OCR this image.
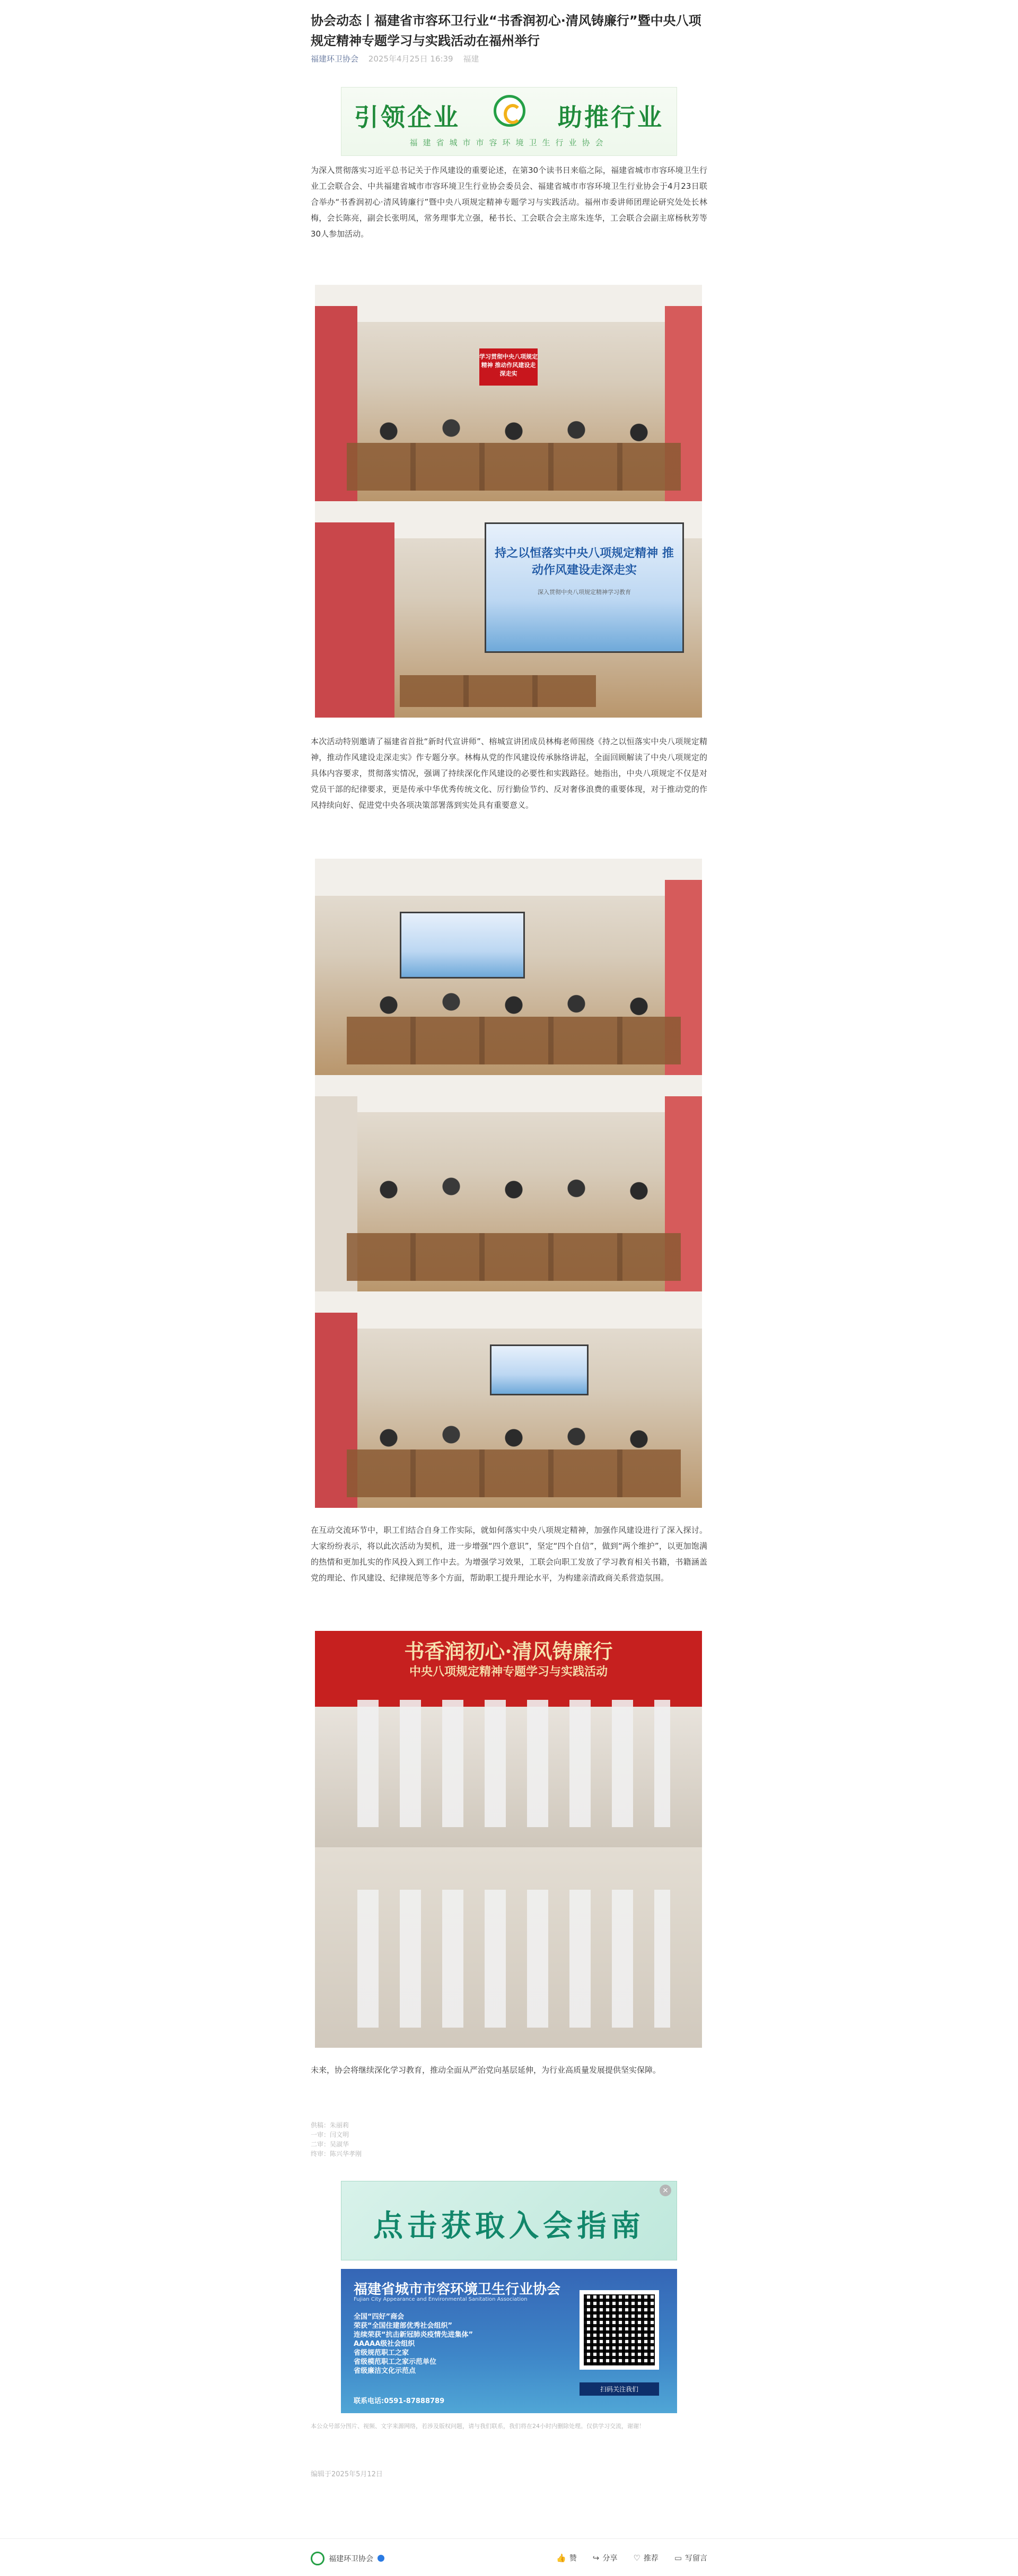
协会动态丨福建省市容环卫行业“书香润初心·清风铸廉行”暨中央八项规定精神专题学习与实践活动在福州举行
福建环卫协会 2025年4月25日 16:39 福建
引领企业	助推行业
福建省城市市容环境卫生行业协会

为深入贯彻落实习近平总书记关于作风建设的重要论述，在第30个读书日来临之际，福建省城市市容环境卫生行业工会联合会、中共福建省城市市容环境卫生行业协会委员会、福建省城市市容环境卫生行业协会于4月23日联合举办“书香润初心·清风铸廉行”暨中央八项规定精神专题学习与实践活动。福州市委讲师团理论研究处处长林梅，会长陈亮，副会长张明凤，常务理事尤立强，秘书长、工会联合会主席朱连华，工会联合会副主席杨秋芳等30人参加活动。

学习贯彻中央八项规定精神 推动作风建设走深走实
持之以恒落实中央八项规定精神 推动作风建设走深走实
深入贯彻中央八项规定精神学习教育

本次活动特别邀请了福建省首批“新时代宣讲师”、榕城宣讲团成员林梅老师围绕《持之以恒落实中央八项规定精神，推动作风建设走深走实》作专题分享。林梅从党的作风建设传承脉络讲起，全面回顾解读了中央八项规定的具体内容要求，贯彻落实情况，强调了持续深化作风建设的必要性和实践路径。她指出，中央八项规定不仅是对党员干部的纪律要求，更是传承中华优秀传统文化、厉行勤俭节约、反对奢侈浪费的重要体现，对于推动党的作风持续向好、促进党中央各项决策部署落到实处具有重要意义。

在互动交流环节中，职工们结合自身工作实际，就如何落实中央八项规定精神，加强作风建设进行了深入探讨。大家纷纷表示，将以此次活动为契机，进一步增强“四个意识”，坚定“四个自信”，做到“两个维护”，以更加饱满的热情和更加扎实的作风投入到工作中去。为增强学习效果，工联会向职工发放了学习教育相关书籍，书籍涵盖党的理论、作风建设、纪律规范等多个方面，帮助职工提升理论水平，为构建亲清政商关系营造氛围。

书香润初心·清风铸廉行
中央八项规定精神专题学习与实践活动

未来，协会将继续深化学习教育，推动全面从严治党向基层延伸，为行业高质量发展提供坚实保障。

供稿：朱丽莉
一审：闫文明
二审：吴淑华
终审：陈兴华孝刚
点击获取入会指南
×
福建省城市市容环境卫生行业协会
Fujian City Appearance and Environmental Sanitation Association
全国“四好”商会
荣获“全国住建部优秀社会组织”
连续荣获“抗击新冠肺炎疫情先进集体”
AAAAA级社会组织
省级规范职工之家
省级模范职工之家示范单位
省级廉洁文化示范点
联系电话:0591-87888789
扫码关注我们
本公众号部分图片、视频、文字来源网络，若涉及版权问题，请与我们联系，我们将在24小时内删除处理。仅供学习交流，谢谢！
编辑于2025年5月12日
福建环卫协会	👍 赞 ↪ 分享 ♡ 推荐 ▭ 写留言
